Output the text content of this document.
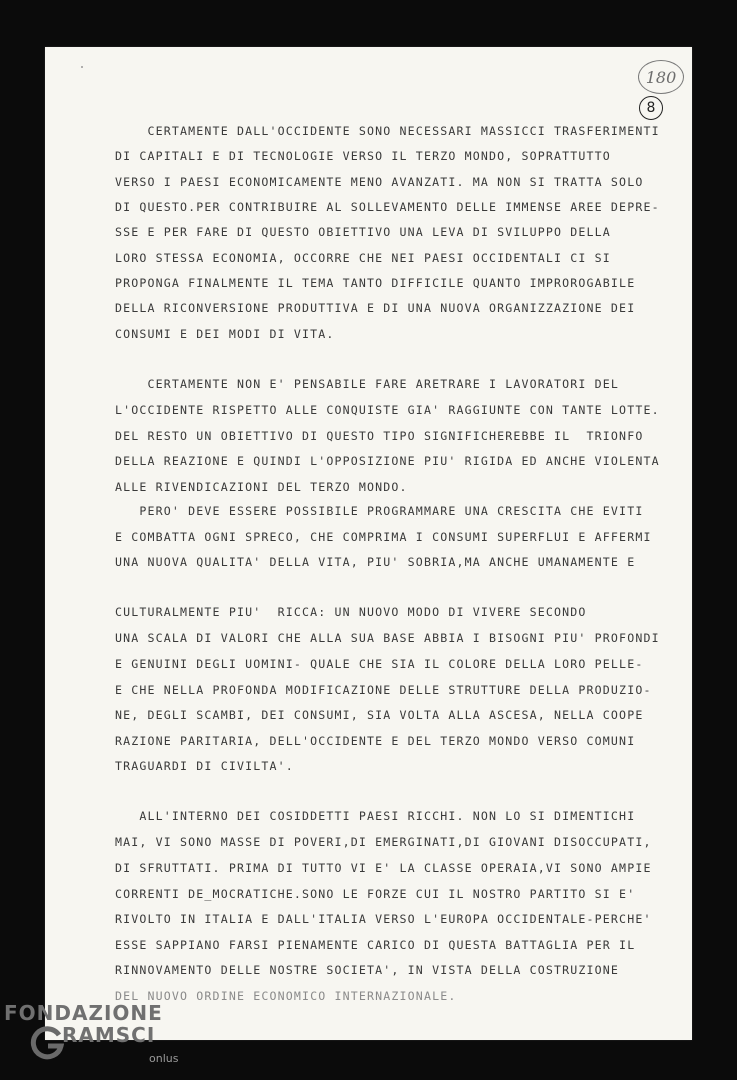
180
8
CERTAMENTE DALL'OCCIDENTE SONO NECESSARI MASSICCI TRASFERIMENTI
DI CAPITALI E DI TECNOLOGIE VERSO IL TERZO MONDO, SOPRATTUTTO
VERSO I PAESI ECONOMICAMENTE MENO AVANZATI. MA NON SI TRATTA SOLO
DI QUESTO.PER CONTRIBUIRE AL SOLLEVAMENTO DELLE IMMENSE AREE DEPRE-
SSE E PER FARE DI QUESTO OBIETTIVO UNA LEVA DI SVILUPPO DELLA
LORO STESSA ECONOMIA, OCCORRE CHE NEI PAESI OCCIDENTALI CI SI
PROPONGA FINALMENTE IL TEMA TANTO DIFFICILE QUANTO IMPROROGABILE
DELLA RICONVERSIONE PRODUTTIVA E DI UNA NUOVA ORGANIZZAZIONE DEI
CONSUMI E DEI MODI DI VITA.
CERTAMENTE NON E' PENSABILE FARE ARETRARE I LAVORATORI DEL
L'OCCIDENTE RISPETTO ALLE CONQUISTE GIA' RAGGIUNTE CON TANTE LOTTE.
DEL RESTO UN OBIETTIVO DI QUESTO TIPO SIGNIFICHEREBBE IL  TRIONFO
DELLA REAZIONE E QUINDI L'OPPOSIZIONE PIU' RIGIDA ED ANCHE VIOLENTA
ALLE RIVENDICAZIONI DEL TERZO MONDO.
PERO' DEVE ESSERE POSSIBILE PROGRAMMARE UNA CRESCITA CHE EVITI
E COMBATTA OGNI SPRECO, CHE COMPRIMA I CONSUMI SUPERFLUI E AFFERMI
UNA NUOVA QUALITA' DELLA VITA, PIU' SOBRIA,MA ANCHE UMANAMENTE E
CULTURALMENTE PIU'  RICCA: UN NUOVO MODO DI VIVERE SECONDO
UNA SCALA DI VALORI CHE ALLA SUA BASE ABBIA I BISOGNI PIU' PROFONDI
E GENUINI DEGLI UOMINI- QUALE CHE SIA IL COLORE DELLA LORO PELLE-
E CHE NELLA PROFONDA MODIFICAZIONE DELLE STRUTTURE DELLA PRODUZIO-
NE, DEGLI SCAMBI, DEI CONSUMI, SIA VOLTA ALLA ASCESA, NELLA COOPE
RAZIONE PARITARIA, DELL'OCCIDENTE E DEL TERZO MONDO VERSO COMUNI
TRAGUARDI DI CIVILTA'.
ALL'INTERNO DEI COSIDDETTI PAESI RICCHI. NON LO SI DIMENTICHI
MAI, VI SONO MASSE DI POVERI,DI EMERGINATI,DI GIOVANI DISOCCUPATI,
DI SFRUTTATI. PRIMA DI TUTTO VI E' LA CLASSE OPERAIA,VI SONO AMPIE
CORRENTI DE_MOCRATICHE.SONO LE FORZE CUI IL NOSTRO PARTITO SI E'
RIVOLTO IN ITALIA E DALL'ITALIA VERSO L'EUROPA OCCIDENTALE-PERCHE'
ESSE SAPPIANO FARSI PIENAMENTE CARICO DI QUESTA BATTAGLIA PER IL
RINNOVAMENTO DELLE NOSTRE SOCIETA', IN VISTA DELLA COSTRUZIONE
DEL NUOVO ORDINE ECONOMICO INTERNAZIONALE.
FONDAZIONE
RAMSCI
onlus
